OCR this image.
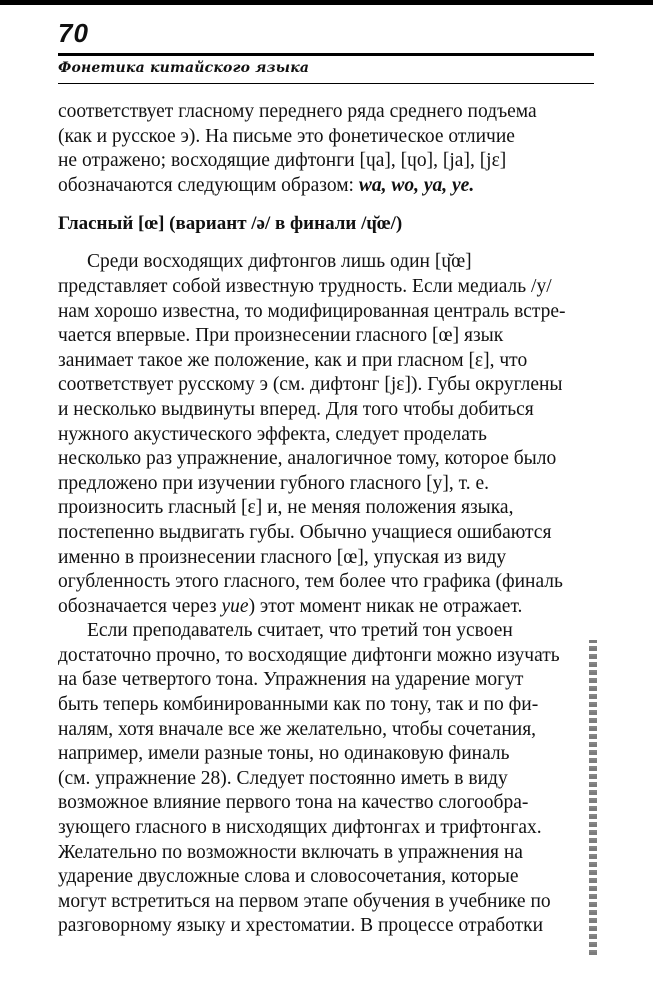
70
Фонетика китайского языка
соответствует гласному переднего ряда среднего подъема
(как и русское э). На письме это фонетическое отличие
не отражено; восходящие дифтонги [ɥa], [ɥo], [ja], [jɛ]
обозначаются следующим образом: wa, wo, ya, ye.
Гласный [œ] (вариант /ə/ в финали /ɥ̆œ/)
Среди восходящих дифтонгов лишь один [ɥ̆œ]
представляет собой известную трудность. Если медиаль /y/
нам хорошо известна, то модифицированная централь встре-
чается впервые. При произнесении гласного [œ] язык
занимает такое же положение, как и при гласном [ɛ], что
соответствует русскому э (см. дифтонг [jɛ]). Губы округлены
и несколько выдвинуты вперед. Для того чтобы добиться
нужного акустического эффекта, следует проделать
несколько раз упражнение, аналогичное тому, которое было
предложено при изучении губного гласного [y], т. е.
произносить гласный [ɛ] и, не меняя положения языка,
постепенно выдвигать губы. Обычно учащиеся ошибаются
именно в произнесении гласного [œ], упуская из виду
огубленность этого гласного, тем более что графика (финаль
обозначается через yue) этот момент никак не отражает.
Если преподаватель считает, что третий тон усвоен
достаточно прочно, то восходящие дифтонги можно изучать
на базе четвертого тона. Упражнения на ударение могут
быть теперь комбинированными как по тону, так и по фи-
налям, хотя вначале все же желательно, чтобы сочетания,
например, имели разные тоны, но одинаковую финаль
(см. упражнение 28). Следует постоянно иметь в виду
возможное влияние первого тона на качество слогообра-
зующего гласного в нисходящих дифтонгах и трифтонгах.
Желательно по возможности включать в упражнения на
ударение двусложные слова и словосочетания, которые
могут встретиться на первом этапе обучения в учебнике по
разговорному языку и хрестоматии. В процессе отработки
